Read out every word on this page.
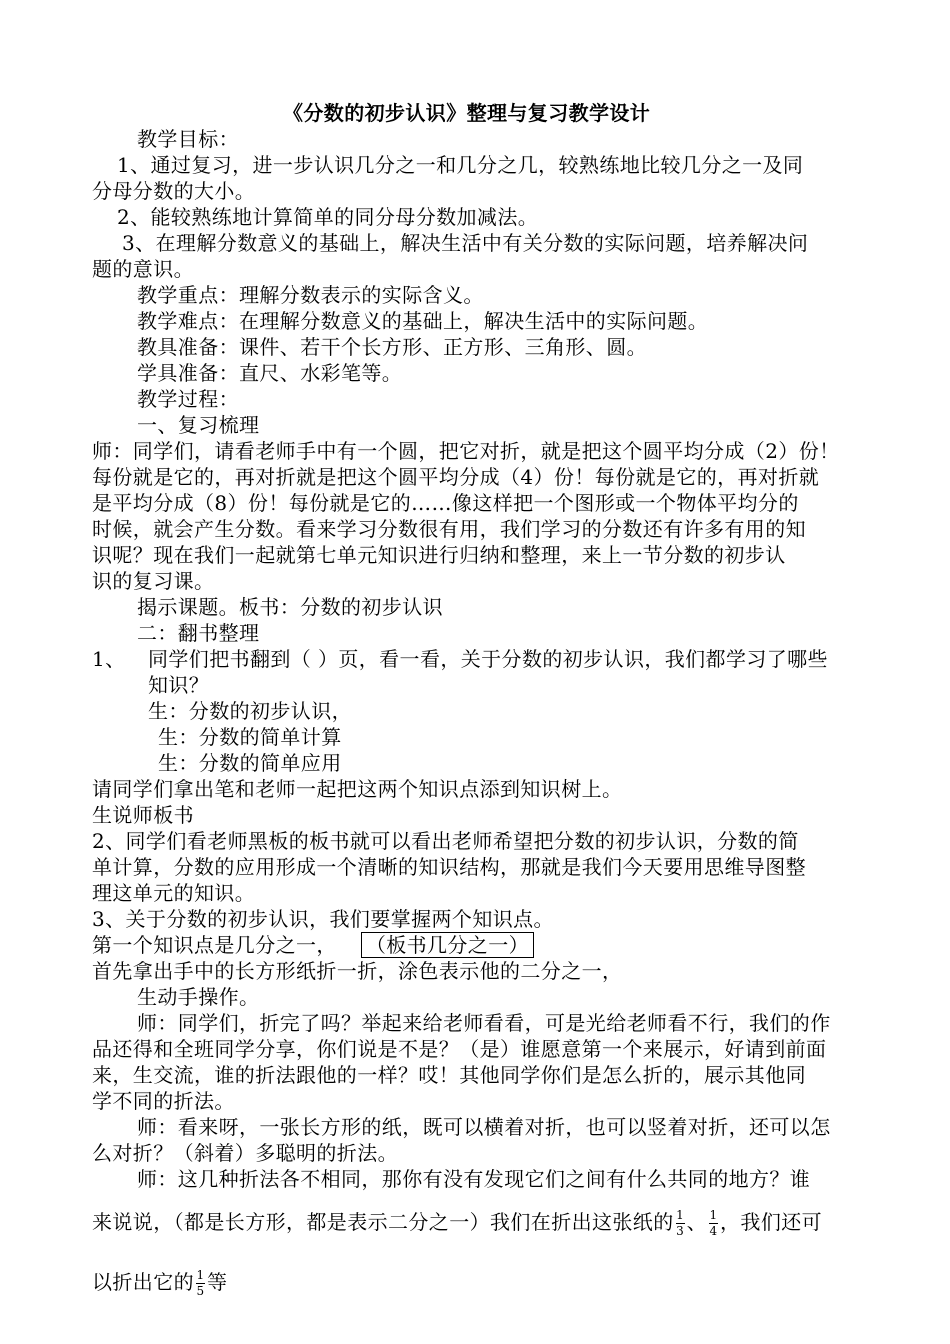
《分数的初步认识》整理与复习教学设计
教学目标：
1、通过复习，进一步认识几分之一和几分之几，较熟练地比较几分之一及同
分母分数的大小。
2、能较熟练地计算简单的同分母分数加减法。
3、在理解分数意义的基础上，解决生活中有关分数的实际问题，培养解决问
题的意识。
教学重点：理解分数表示的实际含义。
教学难点：在理解分数意义的基础上，解决生活中的实际问题。
教具准备：课件、若干个长方形、正方形、三角形、圆。
学具准备：直尺、水彩笔等。
教学过程：
一、复习梳理
师：同学们，请看老师手中有一个圆，把它对折，就是把这个圆平均分成（2）份！
每份就是它的，再对折就是把这个圆平均分成（4）份！每份就是它的，再对折就
是平均分成（8）份！每份就是它的……像这样把一个图形或一个物体平均分的
时候，就会产生分数。看来学习分数很有用，我们学习的分数还有许多有用的知
识呢？现在我们一起就第七单元知识进行归纳和整理，来上一节分数的初步认
识的复习课。
揭示课题。板书：分数的初步认识
二：翻书整理
1、 同学们把书翻到（ ）页，看一看，关于分数的初步认识，我们都学习了哪些
知识？
生：分数的初步认识，
生：分数的简单计算
生：分数的简单应用
请同学们拿出笔和老师一起把这两个知识点添到知识树上。
生说师板书
2、同学们看老师黑板的板书就可以看出老师希望把分数的初步认识，分数的简
单计算，分数的应用形成一个清晰的知识结构，那就是我们今天要用思维导图整
理这单元的知识。
3、关于分数的初步认识，我们要掌握两个知识点。
第一个知识点是几分之一， （板书几分之一）
首先拿出手中的长方形纸折一折，涂色表示他的二分之一，
生动手操作。
师：同学们，折完了吗？举起来给老师看看，可是光给老师看不行，我们的作
品还得和全班同学分享，你们说是不是？（是）谁愿意第一个来展示，好请到前面
来，生交流，谁的折法跟他的一样？哎！其他同学你们是怎么折的，展示其他同
学不同的折法。
师：看来呀，一张长方形的纸，既可以横着对折，也可以竖着对折，还可以怎
么对折？（斜着）多聪明的折法。
师：这几种折法各不相同，那你有没有发现它们之间有什么共同的地方？谁
来说说，（都是长方形，都是表示二分之一）我们在折出这张纸的 $\frac{1}{3}$ 、 $\frac{1}{4}$ ，我们还可
以折出它的 $\frac{1}{5}$ 等
